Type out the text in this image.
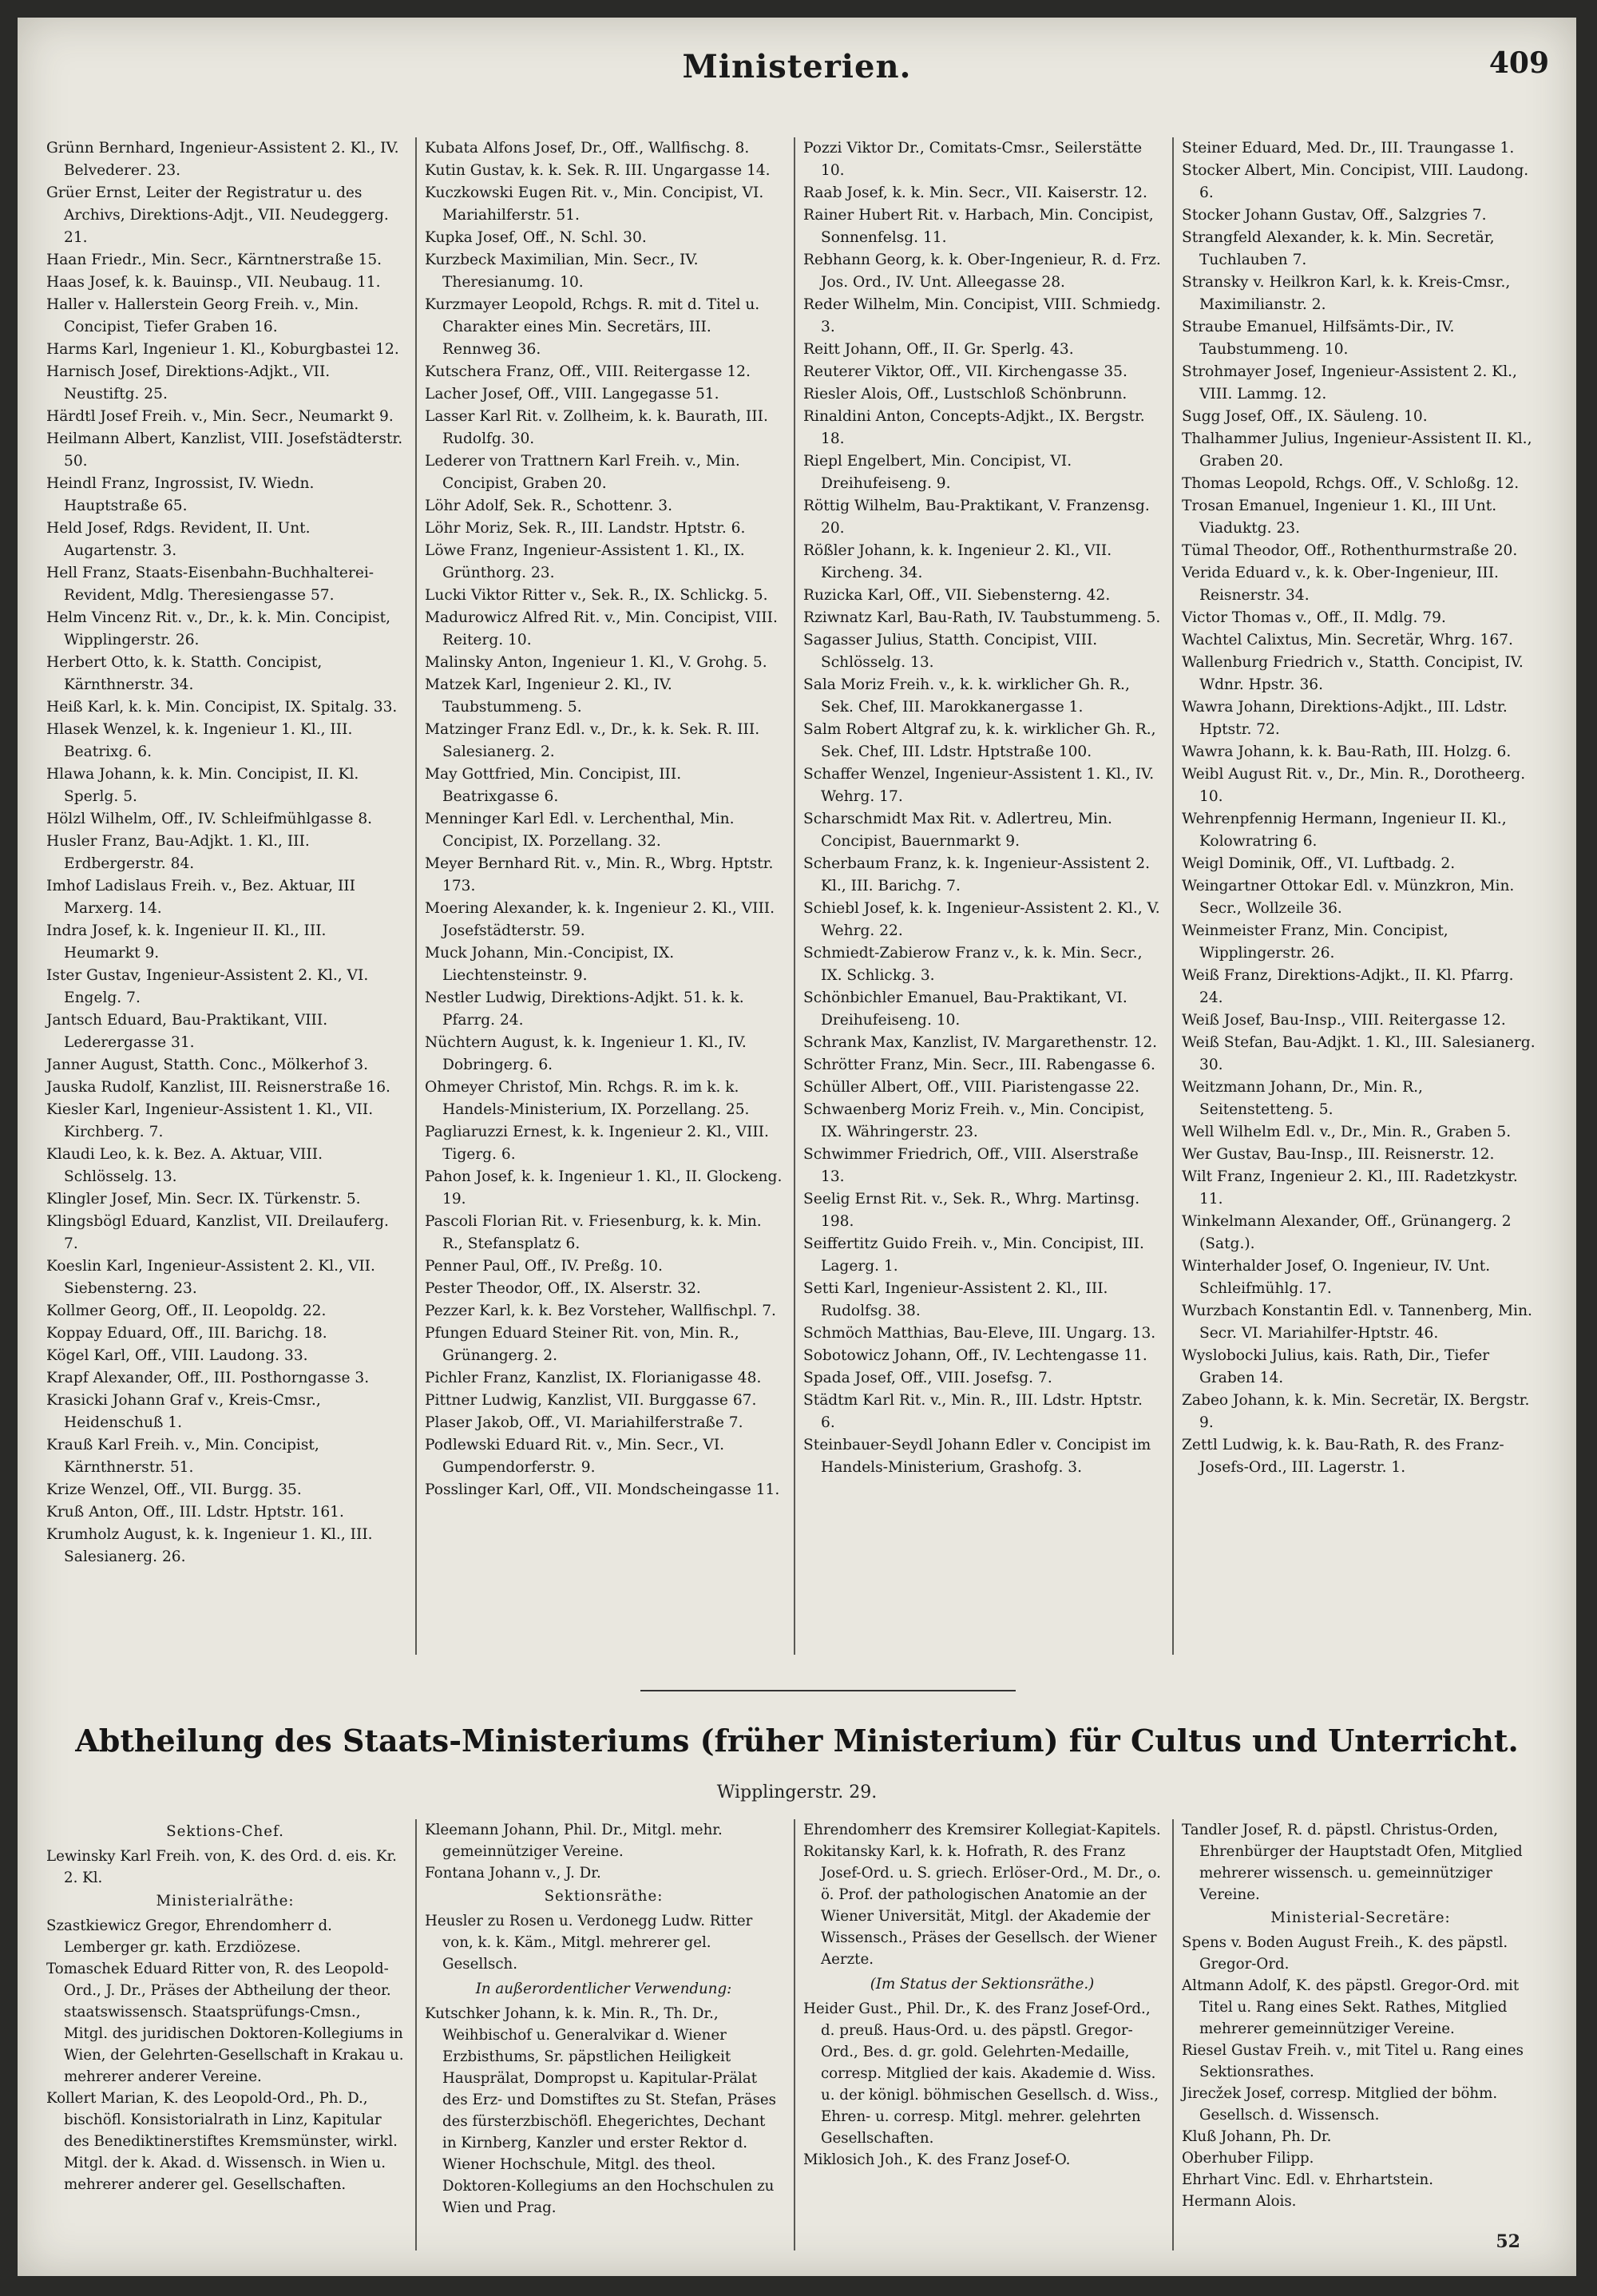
Ministerien.	409

Grünn Bernhard, Ingenieur-Assistent 2. Kl., IV. Belvederег. 23.

Grüer Ernst, Leiter der Registratur u. des Archivs, Direktions-Adjt., VII. Neudeggerg. 21.

Haan Friedr., Min. Secr., Kärntnerstraße 15.

Haas Josef, k. k. Bauinsp., VII. Neubaug. 11.

Haller v. Hallerstein Georg Freih. v., Min. Concipist, Tiefer Graben 16.

Harms Karl, Ingenieur 1. Kl., Koburgbastei 12.

Harnisch Josef, Direktions-Adjkt., VII. Neustiftg. 25.

Härdtl Josef Freih. v., Min. Secr., Neumarkt 9.

Heilmann Albert, Kanzlist, VIII. Josefstädterstr. 50.

Heindl Franz, Ingrossist, IV. Wiedn. Hauptstraße 65.

Held Josef, Rdgs. Revident, II. Unt. Augartenstr. 3.

Hell Franz, Staats-Eisenbahn-Buchhalterei-Revident, Mdlg. Theresiengasse 57.

Helm Vincenz Rit. v., Dr., k. k. Min. Concipist, Wipplingerstr. 26.

Herbert Otto, k. k. Statth. Concipist, Kärnthnerstr. 34.

Heiß Karl, k. k. Min. Concipist, IX. Spitalg. 33.

Hlasek Wenzel, k. k. Ingenieur 1. Kl., III. Beatrixg. 6.

Hlawa Johann, k. k. Min. Concipist, II. Kl. Sperlg. 5.

Hölzl Wilhelm, Off., IV. Schleifmühlgasse 8.

Husler Franz, Bau-Adjkt. 1. Kl., III. Erdbergerstr. 84.

Imhof Ladislaus Freih. v., Bez. Aktuar, III Marxerg. 14.

Indra Josef, k. k. Ingenieur II. Kl., III. Heumarkt 9.

Ister Gustav, Ingenieur-Assistent 2. Kl., VI. Engelg. 7.

Jantsch Eduard, Bau-Praktikant, VIII. Lederergasse 31.

Janner August, Statth. Conc., Mölkerhof 3.

Jauska Rudolf, Kanzlist, III. Reisnerstraße 16.

Kiesler Karl, Ingenieur-Assistent 1. Kl., VII. Kirchberg. 7.

Klaudi Leo, k. k. Bez. A. Aktuar, VIII. Schlösselg. 13.

Klingler Josef, Min. Secr. IX. Türkenstr. 5.

Klingsbögl Eduard, Kanzlist, VII. Dreilauferg. 7.

Koeslin Karl, Ingenieur-Assistent 2. Kl., VII. Siebensterng. 23.

Kollmer Georg, Off., II. Leopoldg. 22.

Koppay Eduard, Off., III. Barichg. 18.

Kögel Karl, Off., VIII. Laudong. 33.

Krapf Alexander, Off., III. Posthorngasse 3.

Krasicki Johann Graf v., Kreis-Cmsr., Heidenschuß 1.

Krauß Karl Freih. v., Min. Concipist, Kärnthnerstr. 51.

Krize Wenzel, Off., VII. Burgg. 35.

Kruß Anton, Off., III. Ldstr. Hptstr. 161.

Krumholz August, k. k. Ingenieur 1. Kl., III. Salesianerg. 26.

Kubata Alfons Josef, Dr., Off., Wallfischg. 8.

Kutin Gustav, k. k. Sek. R. III. Ungargasse 14.

Kuczkowski Eugen Rit. v., Min. Concipist, VI. Mariahilferstr. 51.

Kupka Josef, Off., N. Schl. 30.

Kurzbeck Maximilian, Min. Secr., IV. Theresianumg. 10.

Kurzmayer Leopold, Rchgs. R. mit d. Titel u. Charakter eines Min. Secretärs, III. Rennweg 36.

Kutschera Franz, Off., VIII. Reitergasse 12.

Lacher Josef, Off., VIII. Langegasse 51.

Lasser Karl Rit. v. Zollheim, k. k. Baurath, III. Rudolfg. 30.

Lederer von Trattnern Karl Freih. v., Min. Concipist, Graben 20.

Löhr Adolf, Sek. R., Schottenr. 3.

Löhr Moriz, Sek. R., III. Landstr. Hptstr. 6.

Löwe Franz, Ingenieur-Assistent 1. Kl., IX. Grünthorg. 23.

Lucki Viktor Ritter v., Sek. R., IX. Schlickg. 5.

Madurowicz Alfred Rit. v., Min. Concipist, VIII. Reiterg. 10.

Malinsky Anton, Ingenieur 1. Kl., V. Grohg. 5.

Matzek Karl, Ingenieur 2. Kl., IV. Taubstummeng. 5.

Matzinger Franz Edl. v., Dr., k. k. Sek. R. III. Salesianerg. 2.

May Gottfried, Min. Concipist, III. Beatrixgasse 6.

Menninger Karl Edl. v. Lerchenthal, Min. Concipist, IX. Porzellang. 32.

Meyer Bernhard Rit. v., Min. R., Wbrg. Hptstr. 173.

Moering Alexander, k. k. Ingenieur 2. Kl., VIII. Josefstädterstr. 59.

Muck Johann, Min.-Concipist, IX. Liechtensteinstr. 9.

Nestler Ludwig, Direktions-Adjkt. 51. k. k. Pfarrg. 24.

Nüchtern August, k. k. Ingenieur 1. Kl., IV. Dobringerg. 6.

Ohmeyer Christof, Min. Rchgs. R. im k. k. Handels-Ministerium, IX. Porzellang. 25.

Pagliaruzzi Ernest, k. k. Ingenieur 2. Kl., VIII. Tigerg. 6.

Pahon Josef, k. k. Ingenieur 1. Kl., II. Glockeng. 19.

Pascoli Florian Rit. v. Friesenburg, k. k. Min. R., Stefansplatz 6.

Penner Paul, Off., IV. Preßg. 10.

Pester Theodor, Off., IX. Alserstr. 32.

Pezzer Karl, k. k. Bez Vorsteher, Wallfischpl. 7.

Pfungen Eduard Steiner Rit. von, Min. R., Grünangerg. 2.

Pichler Franz, Kanzlist, IX. Florianigasse 48.

Pittner Ludwig, Kanzlist, VII. Burggasse 67.

Plaser Jakob, Off., VI. Mariahilferstraße 7.

Podlewski Eduard Rit. v., Min. Secr., VI. Gumpendorferstr. 9.

Posslinger Karl, Off., VII. Mondscheingasse 11.

Pozzi Viktor Dr., Comitats-Cmsr., Seilerstätte 10.

Raab Josef, k. k. Min. Secr., VII. Kaiserstr. 12.

Rainer Hubert Rit. v. Harbach, Min. Concipist, Sonnenfelsg. 11.

Rebhann Georg, k. k. Ober-Ingenieur, R. d. Frz. Jos. Ord., IV. Unt. Alleegasse 28.

Reder Wilhelm, Min. Concipist, VIII. Schmiedg. 3.

Reitt Johann, Off., II. Gr. Sperlg. 43.

Reuterer Viktor, Off., VII. Kirchengasse 35.

Riesler Alois, Off., Lustschloß Schönbrunn.

Rinaldini Anton, Concepts-Adjkt., IX. Bergstr. 18.

Riepl Engelbert, Min. Concipist, VI. Dreihufeiseng. 9.

Röttig Wilhelm, Bau-Praktikant, V. Franzensg. 20.

Rößler Johann, k. k. Ingenieur 2. Kl., VII. Kircheng. 34.

Ruzicka Karl, Off., VII. Siebensterng. 42.

Rziwnatz Karl, Bau-Rath, IV. Taubstummeng. 5.

Sagasser Julius, Statth. Concipist, VIII. Schlösselg. 13.

Sala Moriz Freih. v., k. k. wirklicher Gh. R., Sek. Chef, III. Marokkanergasse 1.

Salm Robert Altgraf zu, k. k. wirklicher Gh. R., Sek. Chef, III. Ldstr. Hptstraße 100.

Schaffer Wenzel, Ingenieur-Assistent 1. Kl., IV. Wehrg. 17.

Scharschmidt Max Rit. v. Adlertreu, Min. Concipist, Bauernmarkt 9.

Scherbaum Franz, k. k. Ingenieur-Assistent 2. Kl., III. Barichg. 7.

Schiebl Josef, k. k. Ingenieur-Assistent 2. Kl., V. Wehrg. 22.

Schmiedt-Zabierow Franz v., k. k. Min. Secr., IX. Schlickg. 3.

Schönbichler Emanuel, Bau-Praktikant, VI. Dreihufeiseng. 10.

Schrank Max, Kanzlist, IV. Margarethenstr. 12.

Schrötter Franz, Min. Secr., III. Rabengasse 6.

Schüller Albert, Off., VIII. Piaristengasse 22.

Schwaenberg Moriz Freih. v., Min. Concipist, IX. Währingerstr. 23.

Schwimmer Friedrich, Off., VIII. Alserstraße 13.

Seelig Ernst Rit. v., Sek. R., Whrg. Martinsg. 198.

Seiffertitz Guido Freih. v., Min. Concipist, III. Lagerg. 1.

Setti Karl, Ingenieur-Assistent 2. Kl., III. Rudolfsg. 38.

Schmöch Matthias, Bau-Eleve, III. Ungarg. 13.

Sobotowicz Johann, Off., IV. Lechtengasse 11.

Spada Josef, Off., VIII. Josefsg. 7.

Städtm Karl Rit. v., Min. R., III. Ldstr. Hptstr. 6.

Steinbauer-Seydl Johann Edler v. Concipist im Handels-Ministerium, Grashofg. 3.

Steiner Eduard, Med. Dr., III. Traungasse 1.

Stocker Albert, Min. Concipist, VIII. Laudong. 6.

Stocker Johann Gustav, Off., Salzgries 7.

Strangfeld Alexander, k. k. Min. Secretär, Tuchlauben 7.

Stransky v. Heilkron Karl, k. k. Kreis-Cmsr., Maximilianstr. 2.

Straube Emanuel, Hilfsämts-Dir., IV. Taubstummeng. 10.

Strohmayer Josef, Ingenieur-Assistent 2. Kl., VIII. Lammg. 12.

Sugg Josef, Off., IX. Säuleng. 10.

Thalhammer Julius, Ingenieur-Assistent II. Kl., Graben 20.

Thomas Leopold, Rchgs. Off., V. Schloßg. 12.

Trosan Emanuel, Ingenieur 1. Kl., III Unt. Viaduktg. 23.

Tümal Theodor, Off., Rothenthurmstraße 20.

Verida Eduard v., k. k. Ober-Ingenieur, III. Reisnerstr. 34.

Victor Thomas v., Off., II. Mdlg. 79.

Wachtel Calixtus, Min. Secretär, Whrg. 167.

Wallenburg Friedrich v., Statth. Concipist, IV. Wdnr. Hpstr. 36.

Wawra Johann, Direktions-Adjkt., III. Ldstr. Hptstr. 72.

Wawra Johann, k. k. Bau-Rath, III. Holzg. 6.

Weibl August Rit. v., Dr., Min. R., Dorotheerg. 10.

Wehrenpfennig Hermann, Ingenieur II. Kl., Kolowratring 6.

Weigl Dominik, Off., VI. Luftbadg. 2.

Weingartner Ottokar Edl. v. Münzkron, Min. Secr., Wollzeile 36.

Weinmeister Franz, Min. Concipist, Wipplingerstr. 26.

Weiß Franz, Direktions-Adjkt., II. Kl. Pfarrg. 24.

Weiß Josef, Bau-Insp., VIII. Reitergasse 12.

Weiß Stefan, Bau-Adjkt. 1. Kl., III. Salesianerg. 30.

Weitzmann Johann, Dr., Min. R., Seitenstetteng. 5.

Well Wilhelm Edl. v., Dr., Min. R., Graben 5.

Wer Gustav, Bau-Insp., III. Reisnerstr. 12.

Wilt Franz, Ingenieur 2. Kl., III. Radetzkystr. 11.

Winkelmann Alexander, Off., Grünangerg. 2 (Satg.).

Winterhalder Josef, O. Ingenieur, IV. Unt. Schleifmühlg. 17.

Wurzbach Konstantin Edl. v. Tannenberg, Min. Secr. VI. Mariahilfer-Hptstr. 46.

Wyslobocki Julius, kais. Rath, Dir., Tiefer Graben 14.

Zabeo Johann, k. k. Min. Secretär, IX. Bergstr. 9.

Zettl Ludwig, k. k. Bau-Rath, R. des Franz-Josefs-Ord., III. Lagerstr. 1.

Abtheilung des Staats-Ministeriums (früher Ministerium) für Cultus und Unterricht.
Wipplingerstr. 29.
Sektions-Chef.

Lewinsky Karl Freih. von, K. des Ord. d. eis. Kr. 2. Kl.

Ministerialräthe:

Szastkiewicz Gregor, Ehrendomherr d. Lemberger gr. kath. Erzdiözese.

Tomaschek Eduard Ritter von, R. des Leopold-Ord., J. Dr., Präses der Abtheilung der theor. staatswissensch. Staatsprüfungs-Cmsn., Mitgl. des juridischen Doktoren-Kollegiums in Wien, der Gelehrten-Gesellschaft in Krakau u. mehrerer anderer Vereine.

Kollert Marian, K. des Leopold-Ord., Ph. D., bischöfl. Konsistorialrath in Linz, Kapitular des Benediktinerstiftes Kremsmünster, wirkl. Mitgl. der k. Akad. d. Wissensch. in Wien u. mehrerer anderer gel. Gesellschaften.

Kleemann Johann, Phil. Dr., Mitgl. mehr. gemeinnütziger Vereine.

Fontana Johann v., J. Dr.

Sektionsräthe:

Heusler zu Rosen u. Verdonegg Ludw. Ritter von, k. k. Käm., Mitgl. mehrerer gel. Gesellsch.

In außerordentlicher Verwendung:

Kutschker Johann, k. k. Min. R., Th. Dr., Weihbischof u. Generalvikar d. Wiener Erzbisthums, Sr. päpstlichen Heiligkeit Hausprälat, Dompropst u. Kapitular-Prälat des Erz- und Domstiftes zu St. Stefan, Präses des fürsterzbischöfl. Ehegerichtes, Dechant in Kirnberg, Kanzler und erster Rektor d. Wiener Hochschule, Mitgl. des theol. Doktoren-Kollegiums an den Hochschulen zu Wien und Prag.

Ehrendomherr des Kremsirer Kollegiat-Kapitels.

Rokitansky Karl, k. k. Hofrath, R. des Franz Josef-Ord. u. S. griech. Erlöser-Ord., M. Dr., o. ö. Prof. der pathologischen Anatomie an der Wiener Universität, Mitgl. der Akademie der Wissensch., Präses der Gesellsch. der Wiener Aerzte.

(Im Status der Sektionsräthe.)

Heider Gust., Phil. Dr., K. des Franz Josef-Ord., d. preuß. Haus-Ord. u. des päpstl. Gregor-Ord., Bes. d. gr. gold. Gelehrten-Medaille, corresp. Mitglied der kais. Akademie d. Wiss. u. der königl. böhmischen Gesellsch. d. Wiss., Ehren- u. corresp. Mitgl. mehrer. gelehrten Gesellschaften.

Miklosich Joh., K. des Franz Josef-O.

Tandler Josef, R. d. päpstl. Christus-Orden, Ehrenbürger der Hauptstadt Ofen, Mitglied mehrerer wissensch. u. gemeinnütziger Vereine.

Ministerial-Secretäre:

Spens v. Boden August Freih., K. des päpstl. Gregor-Ord.

Altmann Adolf, K. des päpstl. Gregor-Ord. mit Titel u. Rang eines Sekt. Rathes, Mitglied mehrerer gemeinnütziger Vereine.

Riesel Gustav Freih. v., mit Titel u. Rang eines Sektionsrathes.

Jirecžek Josef, corresp. Mitglied der böhm. Gesellsch. d. Wissensch.

Kluß Johann, Ph. Dr.

Oberhuber Filipp.

Ehrhart Vinc. Edl. v. Ehrhartstein.

Hermann Alois.

52
